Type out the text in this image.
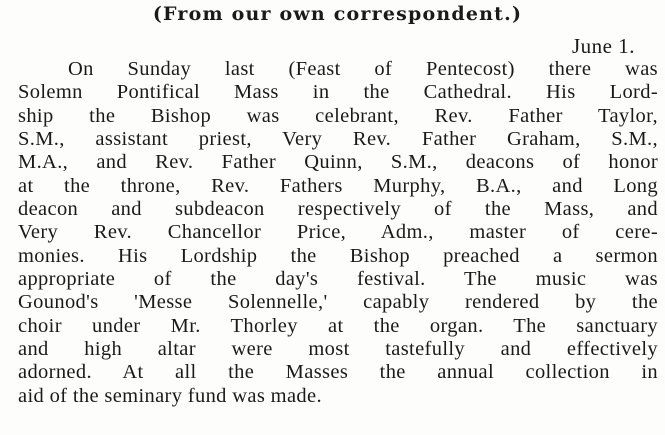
(From our own correspondent.)
June 1.
On Sunday last (Feast of Pentecost) there was
Solemn Pontifical Mass in the Cathedral. His Lord-
ship the Bishop was celebrant, Rev. Father Taylor,
S.M., assistant priest, Very Rev. Father Graham, S.M.,
M.A., and Rev. Father Quinn, S.M., deacons of honor
at the throne, Rev. Fathers Murphy, B.A., and Long
deacon and subdeacon respectively of the Mass, and
Very Rev. Chancellor Price, Adm., master of cere-
monies. His Lordship the Bishop preached a sermon
appropriate of the day's festival. The music was
Gounod's 'Messe Solennelle,' capably rendered by the
choir under Mr. Thorley at the organ. The sanctuary
and high altar were most tastefully and effectively
adorned. At all the Masses the annual collection in
aid of the seminary fund was made.
